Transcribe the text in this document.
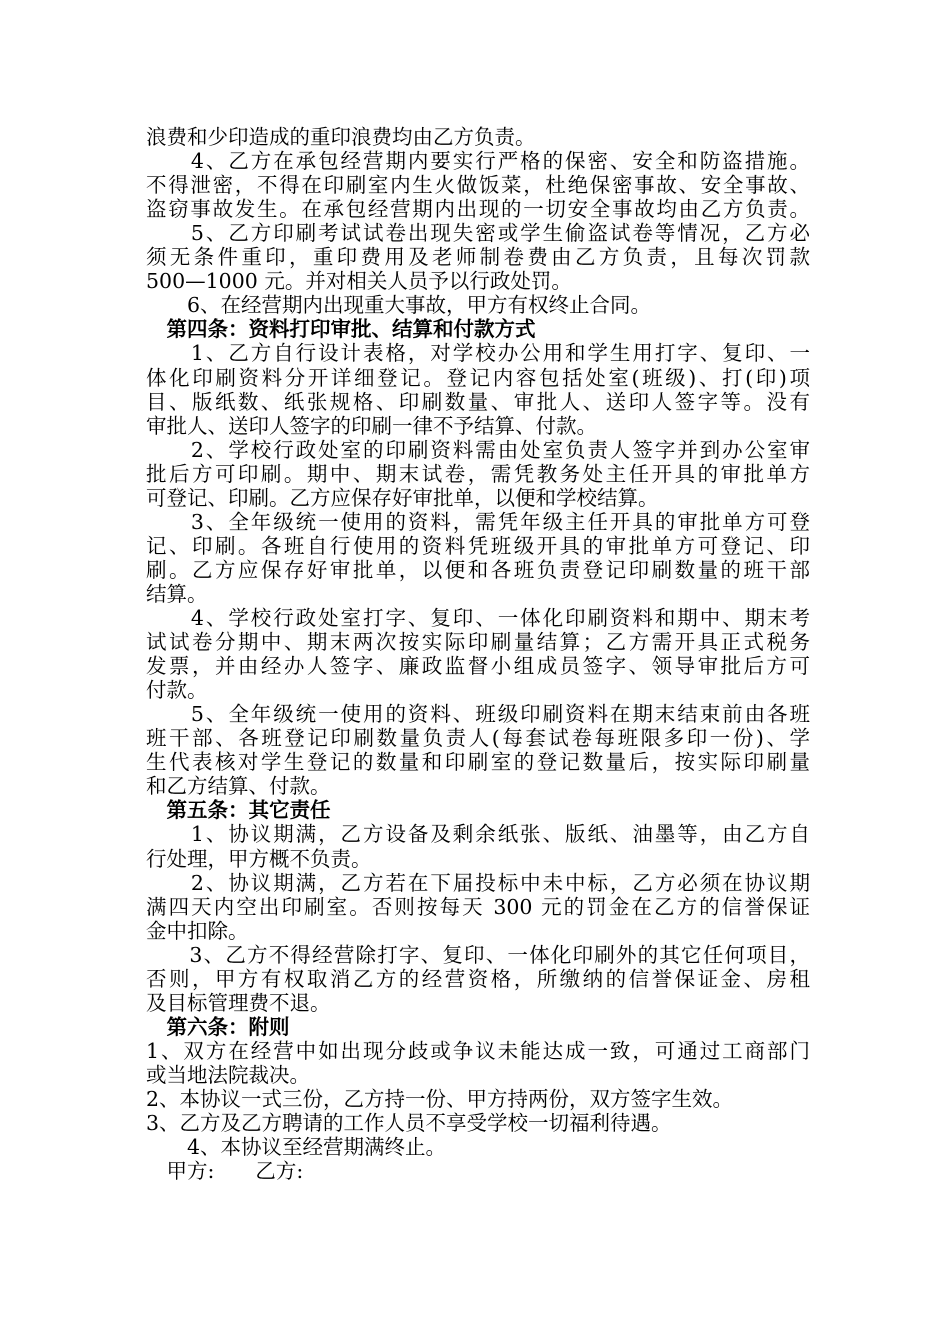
浪费和少印造成的重印浪费均由乙方负责。
　　4、乙方在承包经营期内要实行严格的保密、安全和防盗措施。
不得泄密，不得在印刷室内生火做饭菜，杜绝保密事故、安全事故、
盗窃事故发生。在承包经营期内出现的一切安全事故均由乙方负责。
　　5、乙方印刷考试试卷出现失密或学生偷盗试卷等情况，乙方必
须无条件重印，重印费用及老师制卷费由乙方负责，且每次罚款
500—1000 元。并对相关人员予以行政处罚。
　　6、在经营期内出现重大事故，甲方有权终止合同。
　第四条：资料打印审批、结算和付款方式
　　1、乙方自行设计表格，对学校办公用和学生用打字、复印、一
体化印刷资料分开详细登记。登记内容包括处室(班级)、打(印)项
目、版纸数、纸张规格、印刷数量、审批人、送印人签字等。没有
审批人、送印人签字的印刷一律不予结算、付款。
　　2、学校行政处室的印刷资料需由处室负责人签字并到办公室审
批后方可印刷。期中、期末试卷，需凭教务处主任开具的审批单方
可登记、印刷。乙方应保存好审批单，以便和学校结算。
　　3、全年级统一使用的资料，需凭年级主任开具的审批单方可登
记、印刷。各班自行使用的资料凭班级开具的审批单方可登记、印
刷。乙方应保存好审批单，以便和各班负责登记印刷数量的班干部
结算。
　　4、学校行政处室打字、复印、一体化印刷资料和期中、期末考
试试卷分期中、期末两次按实际印刷量结算；乙方需开具正式税务
发票，并由经办人签字、廉政监督小组成员签字、领导审批后方可
付款。
　　5、全年级统一使用的资料、班级印刷资料在期末结束前由各班
班干部、各班登记印刷数量负责人(每套试卷每班限多印一份)、学
生代表核对学生登记的数量和印刷室的登记数量后，按实际印刷量
和乙方结算、付款。
　第五条：其它责任
　　1、协议期满，乙方设备及剩余纸张、版纸、油墨等，由乙方自
行处理，甲方概不负责。
　　2、协议期满，乙方若在下届投标中未中标，乙方必须在协议期
满四天内空出印刷室。否则按每天 300 元的罚金在乙方的信誉保证
金中扣除。
　　3、乙方不得经营除打字、复印、一体化印刷外的其它任何项目，
否则，甲方有权取消乙方的经营资格，所缴纳的信誉保证金、房租
及目标管理费不退。
　第六条：附则
1、双方在经营中如出现分歧或争议未能达成一致，可通过工商部门
或当地法院裁决。
2、本协议一式三份，乙方持一份、甲方持两份，双方签字生效。
3、乙方及乙方聘请的工作人员不享受学校一切福利待遇。
　　4、本协议至经营期满终止。
　甲方:　　乙方:
